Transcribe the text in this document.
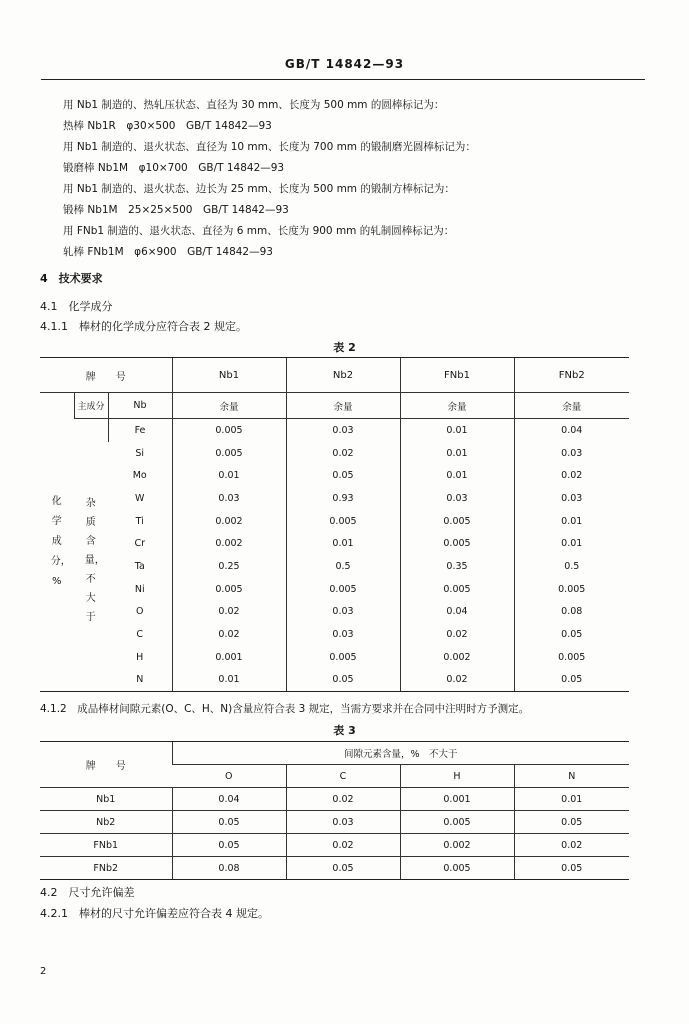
GB/T 14842—93
用 Nb1 制造的、热轧压状态、直径为 30 mm、长度为 500 mm 的圆棒标记为：
热棒 Nb1R　φ30×500　GB/T 14842—93
用 Nb1 制造的、退火状态、直径为 10 mm、长度为 700 mm 的锻制磨光圆棒标记为：
锻磨棒 Nb1M　φ10×700　GB/T 14842—93
用 Nb1 制造的、退火状态、边长为 25 mm、长度为 500 mm 的锻制方棒标记为：
锻棒 Nb1M　25×25×500　GB/T 14842—93
用 FNb1 制造的、退火状态、直径为 6 mm、长度为 900 mm 的轧制圆棒标记为：
轧棒 FNb1M　φ6×900　GB/T 14842—93
4　技术要求
4.1　化学成分
4.1.1　棒材的化学成分应符合表 2 规定。
表 2
牌　　号			Nb1	Nb2	FNb1	FNb2

化学成分，%	主成分	Nb	余量	余量	余量	余量

	杂质含量，不大于	Fe	0.005	0.03	0.01	0.04
		Si	0.005	0.02	0.01	0.03
		Mo	0.01	0.05	0.01	0.02
		W	0.03	0.93	0.03	0.03
		Ti	0.002	0.005	0.005	0.01
		Cr	0.002	0.01	0.005	0.01
		Ta	0.25	0.5	0.35	0.5
		Ni	0.005	0.005	0.005	0.005
		O	0.02	0.03	0.04	0.08
		C	0.02	0.03	0.02	0.05
		H	0.001	0.005	0.002	0.005
		N	0.01	0.05	0.02	0.05
4.1.2　成品棒材间隙元素(O、C、H、N)含量应符合表 3 规定，当需方要求并在合同中注明时方予测定。
表 3
牌　　号	间隙元素含量，%　不大于			
	O	C	H	N
Nb1	0.04	0.02	0.001	0.01
Nb2	0.05	0.03	0.005	0.05
FNb1	0.05	0.02	0.002	0.02
FNb2	0.08	0.05	0.005	0.05
4.2　尺寸允许偏差
4.2.1　棒材的尺寸允许偏差应符合表 4 规定。
2
